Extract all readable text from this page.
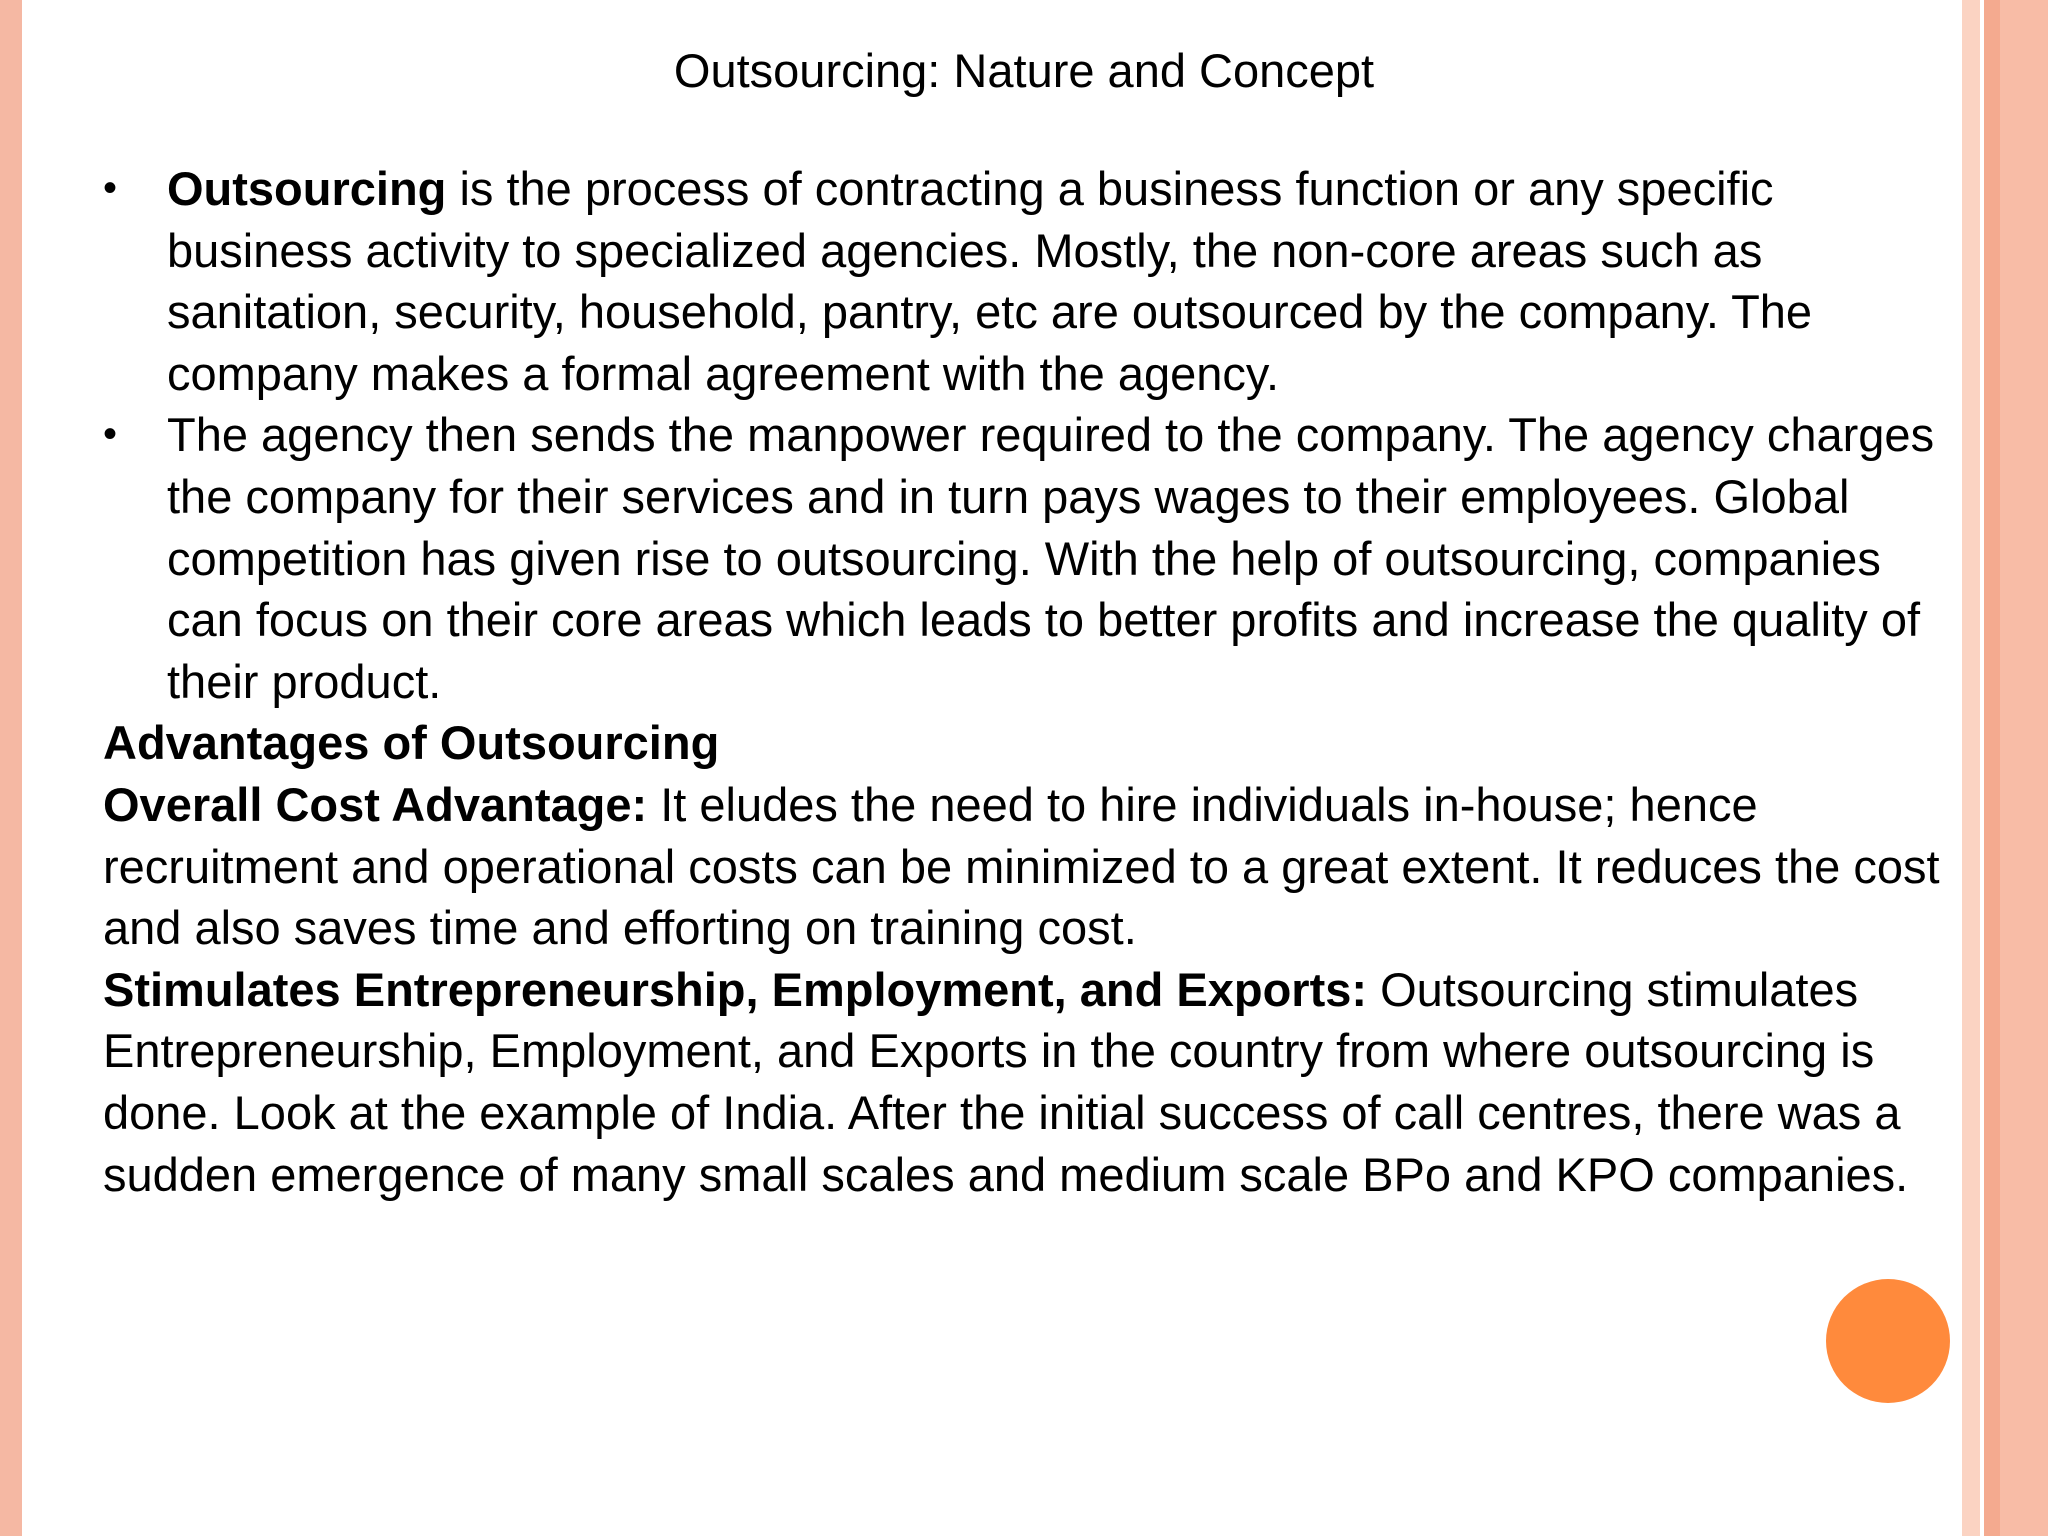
Outsourcing: Nature and Concept
• Outsourcing is the process of contracting a business function or any specific business activity to specialized agencies. Mostly, the non-core areas such as sanitation, security, household, pantry, etc are outsourced by the company. The company makes a formal agreement with the agency.
• The agency then sends the manpower required to the company. The agency charges the company for their services and in turn pays wages to their employees. Global competition has given rise to outsourcing. With the help of outsourcing, companies can focus on their core areas which leads to better profits and increase the quality of their product.

Advantages of Outsourcing

Overall Cost Advantage: It eludes the need to hire individuals in-house; hence recruitment and operational costs can be minimized to a great extent. It reduces the cost and also saves time and efforting on training cost.

Stimulates Entrepreneurship, Employment, and Exports: Outsourcing stimulates Entrepreneurship, Employment, and Exports in the country from where outsourcing is done. Look at the example of India. After the initial success of call centres, there was a sudden emergence of many small scales and medium scale BPo and KPO companies.
